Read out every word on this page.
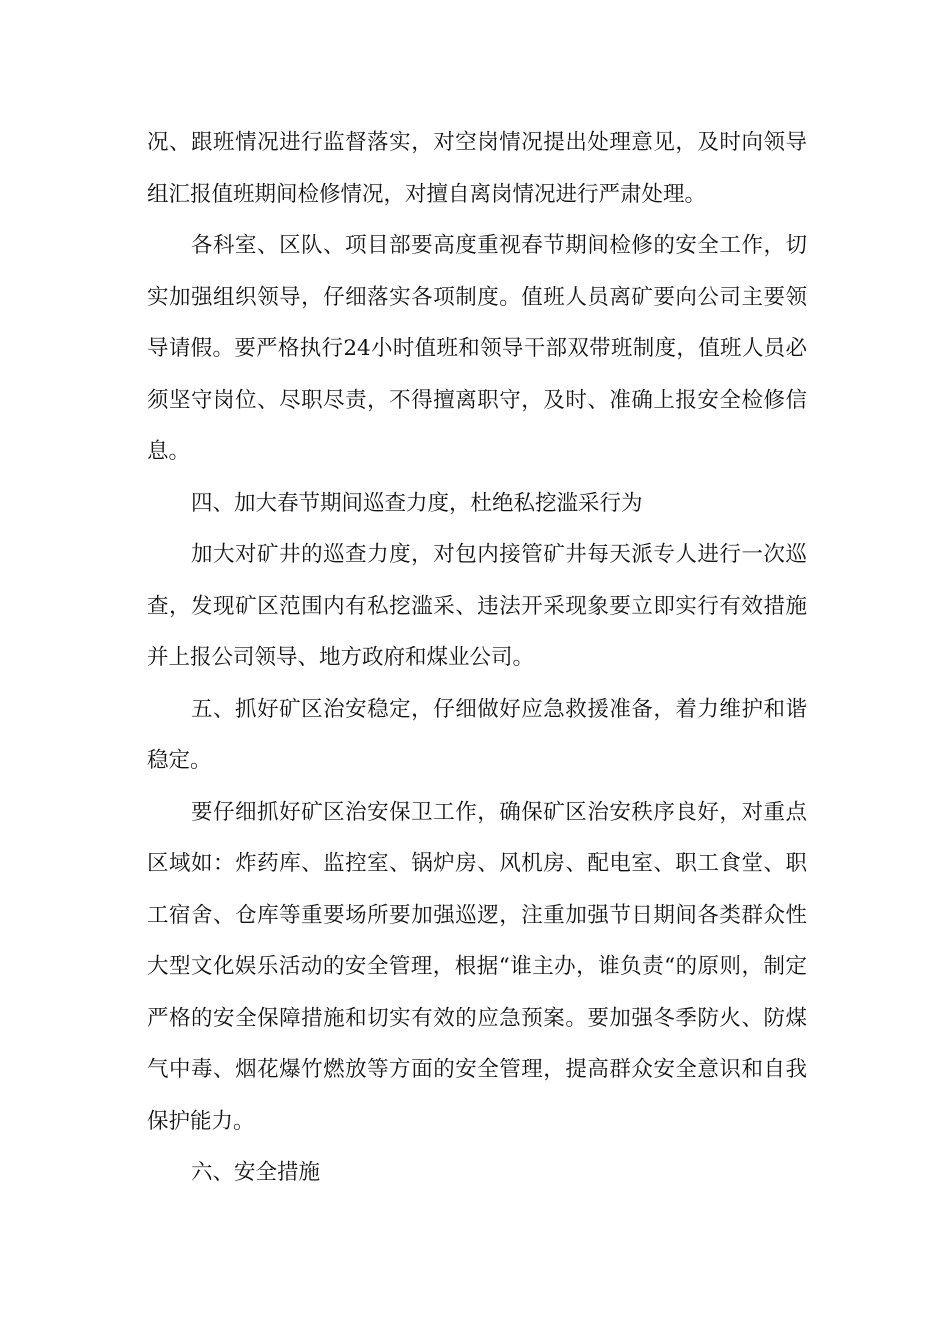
况、跟班情况进行监督落实，对空岗情况提出处理意见，及时向领导组汇报值班期间检修情况，对擅自离岗情况进行严肃处理。

各科室、区队、项目部要高度重视春节期间检修的安全工作，切实加强组织领导，仔细落实各项制度。值班人员离矿要向公司主要领导请假。要严格执行24小时值班和领导干部双带班制度，值班人员必须坚守岗位、尽职尽责，不得擅离职守，及时、准确上报安全检修信息。

四、加大春节期间巡查力度，杜绝私挖滥采行为

加大对矿井的巡查力度，对包内接管矿井每天派专人进行一次巡查，发现矿区范围内有私挖滥采、违法开采现象要立即实行有效措施并上报公司领导、地方政府和煤业公司。

五、抓好矿区治安稳定，仔细做好应急救援准备，着力维护和谐稳定。

要仔细抓好矿区治安保卫工作，确保矿区治安秩序良好，对重点区域如：炸药库、监控室、锅炉房、风机房、配电室、职工食堂、职工宿舍、仓库等重要场所要加强巡逻，注重加强节日期间各类群众性大型文化娱乐活动的安全管理，根据“谁主办，谁负责“的原则，制定严格的安全保障措施和切实有效的应急预案。要加强冬季防火、防煤气中毒、烟花爆竹燃放等方面的安全管理，提高群众安全意识和自我保护能力。

六、安全措施
